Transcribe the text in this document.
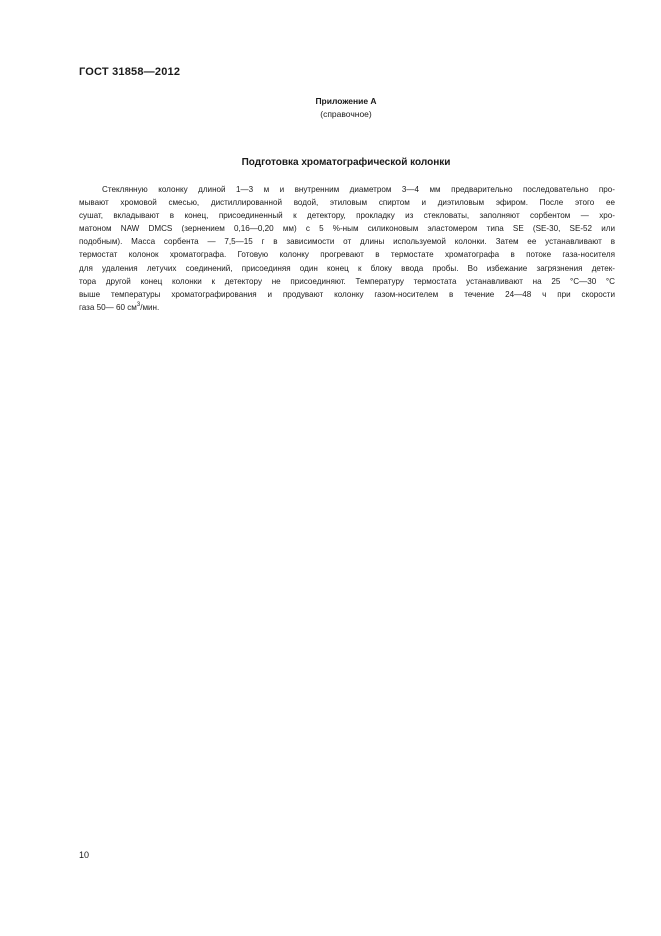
ГОСТ 31858—2012
Приложение А
(справочное)
Подготовка хроматографической колонки
Стеклянную колонку длиной 1—3 м и внутренним диаметром 3—4 мм предварительно последовательно про-
мывают хромовой смесью, дистиллированной водой, этиловым спиртом и диэтиловым эфиром. После этого ее
сушат, вкладывают в конец, присоединенный к детектору, прокладку из стекловаты, заполняют сорбентом — хро-
матоном NAW DMCS (зернением 0,16—0,20 мм) с 5 %-ным силиконовым эластомером типа SE (SE-30, SE-52 или
подобным). Масса сорбента — 7,5—15 г в зависимости от длины используемой колонки. Затем ее устанавливают в
термостат колонок хроматографа. Готовую колонку прогревают в термостате хроматографа в потоке газа-носителя
для удаления летучих соединений, присоединяя один конец к блоку ввода пробы. Во избежание загрязнения детек-
тора другой конец колонки к детектору не присоединяют. Температуру термостата устанавливают на 25 °С—30 °С
выше температуры хроматографирования и продувают колонку газом-носителем в течение 24—48 ч при скорости
газа 50— 60 $см^3$/мин.
10
